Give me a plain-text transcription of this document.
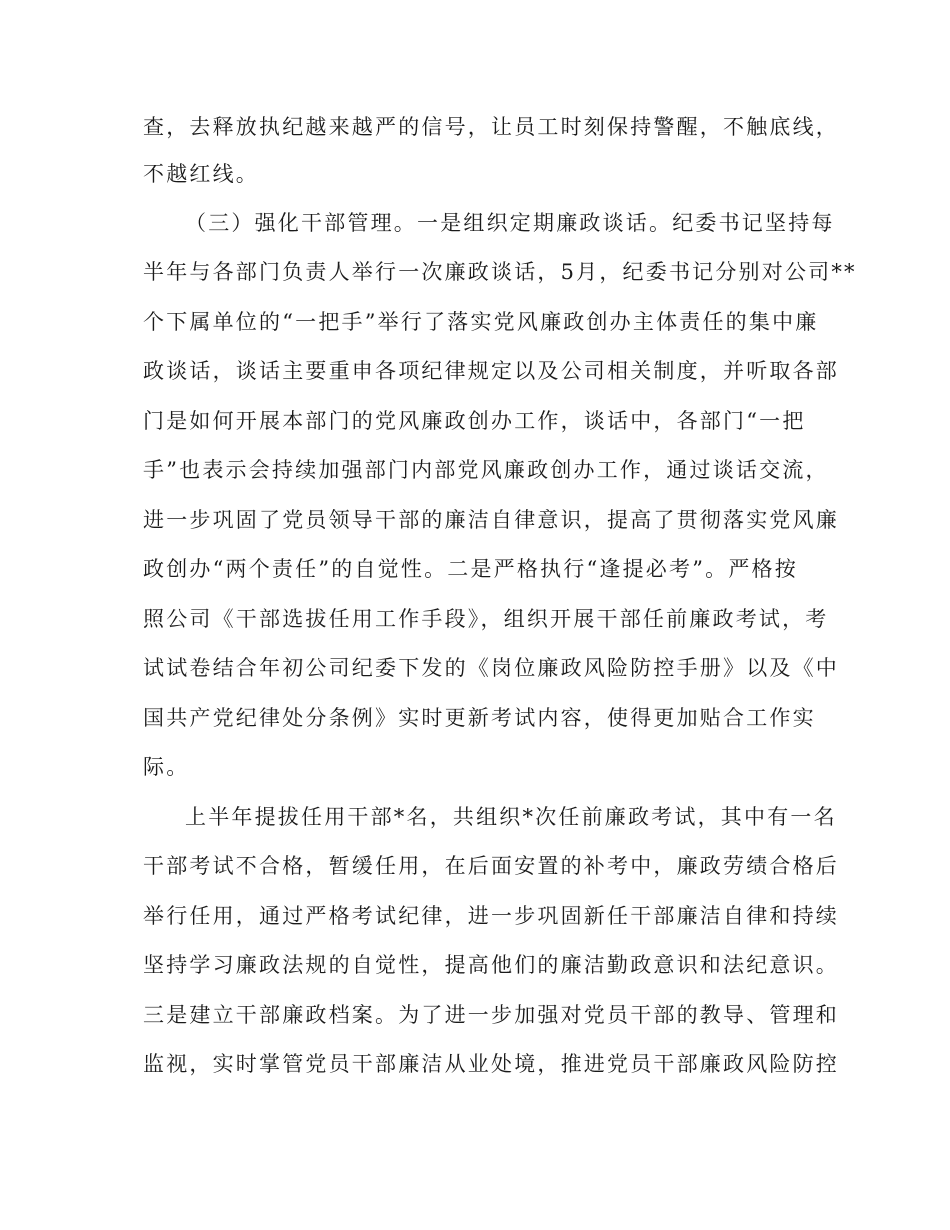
查，去释放执纪越来越严的信号，让员工时刻保持警醒，不触底线，
不越红线。
（三）强化干部管理。一是组织定期廉政谈话。纪委书记坚持每
半年与各部门负责人举行一次廉政谈话，5月，纪委书记分别对公司**
个下属单位的“一把手”举行了落实党风廉政创办主体责任的集中廉
政谈话，谈话主要重申各项纪律规定以及公司相关制度，并听取各部
门是如何开展本部门的党风廉政创办工作，谈话中，各部门“一把
手”也表示会持续加强部门内部党风廉政创办工作，通过谈话交流，
进一步巩固了党员领导干部的廉洁自律意识，提高了贯彻落实党风廉
政创办“两个责任”的自觉性。二是严格执行“逢提必考”。严格按
照公司《干部选拔任用工作手段》，组织开展干部任前廉政考试，考
试试卷结合年初公司纪委下发的《岗位廉政风险防控手册》以及《中
国共产党纪律处分条例》实时更新考试内容，使得更加贴合工作实
际。
上半年提拔任用干部*名，共组织*次任前廉政考试，其中有一名
干部考试不合格，暂缓任用，在后面安置的补考中，廉政劳绩合格后
举行任用，通过严格考试纪律，进一步巩固新任干部廉洁自律和持续
坚持学习廉政法规的自觉性，提高他们的廉洁勤政意识和法纪意识。
三是建立干部廉政档案。为了进一步加强对党员干部的教导、管理和
监视，实时掌管党员干部廉洁从业处境，推进党员干部廉政风险防控
